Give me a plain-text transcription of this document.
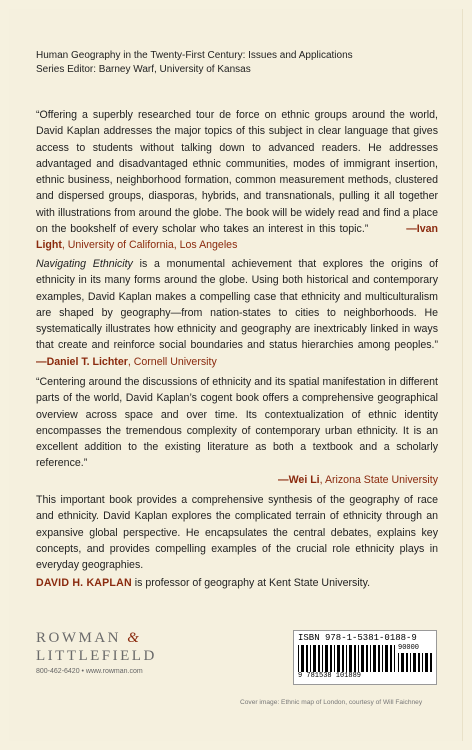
Human Geography in the Twenty-First Century: Issues and Applications
Series Editor: Barney Warf, University of Kansas
“Offering a superbly researched tour de force on ethnic groups around the world, David Kaplan addresses the major topics of this subject in clear language that gives access to students without talking down to advanced readers. He addresses advantaged and disadvantaged ethnic communities, modes of immigrant insertion, ethnic business, neighborhood formation, common measurement methods, clustered and dispersed groups, diasporas, hybrids, and transnationals, pulling it all together with illustrations from around the globe. The book will be widely read and find a place on the bookshelf of every scholar who takes an interest in this topic.”	—Ivan Light, University of California, Los Angeles
Navigating Ethnicity is a monumental achievement that explores the origins of ethnicity in its many forms around the globe. Using both historical and contemporary examples, David Kaplan makes a compelling case that ethnicity and multiculturalism are shaped by geography—from nation-states to cities to neighborhoods. He systematically illustrates how ethnicity and geography are inextricably linked in ways that create and reinforce social boundaries and status hierarchies among peoples.” —Daniel T. Lichter, Cornell University
“Centering around the discussions of ethnicity and its spatial manifestation in different parts of the world, David Kaplan’s cogent book offers a comprehensive geographical overview across space and over time. Its contextualization of ethnic identity encompasses the tremendous complexity of contemporary urban ethnicity. It is an excellent addition to the existing literature as both a textbook and a scholarly reference.”
—Wei Li, Arizona State University
This important book provides a comprehensive synthesis of the geography of race and ethnicity. David Kaplan explores the complicated terrain of ethnicity through an expansive global perspective. He encapsulates the central debates, explains key concepts, and provides compelling examples of the crucial role ethnicity plays in everyday geographies.
DAVID H. KAPLAN is professor of geography at Kent State University.
ROWMAN &
LITTLEFIELD
800-462-6420 • www.rowman.com
ISBN 978-1-5381-0188-9
90000
9 781538 101889
Cover image: Ethnic map of London, courtesy of Will Faichney
